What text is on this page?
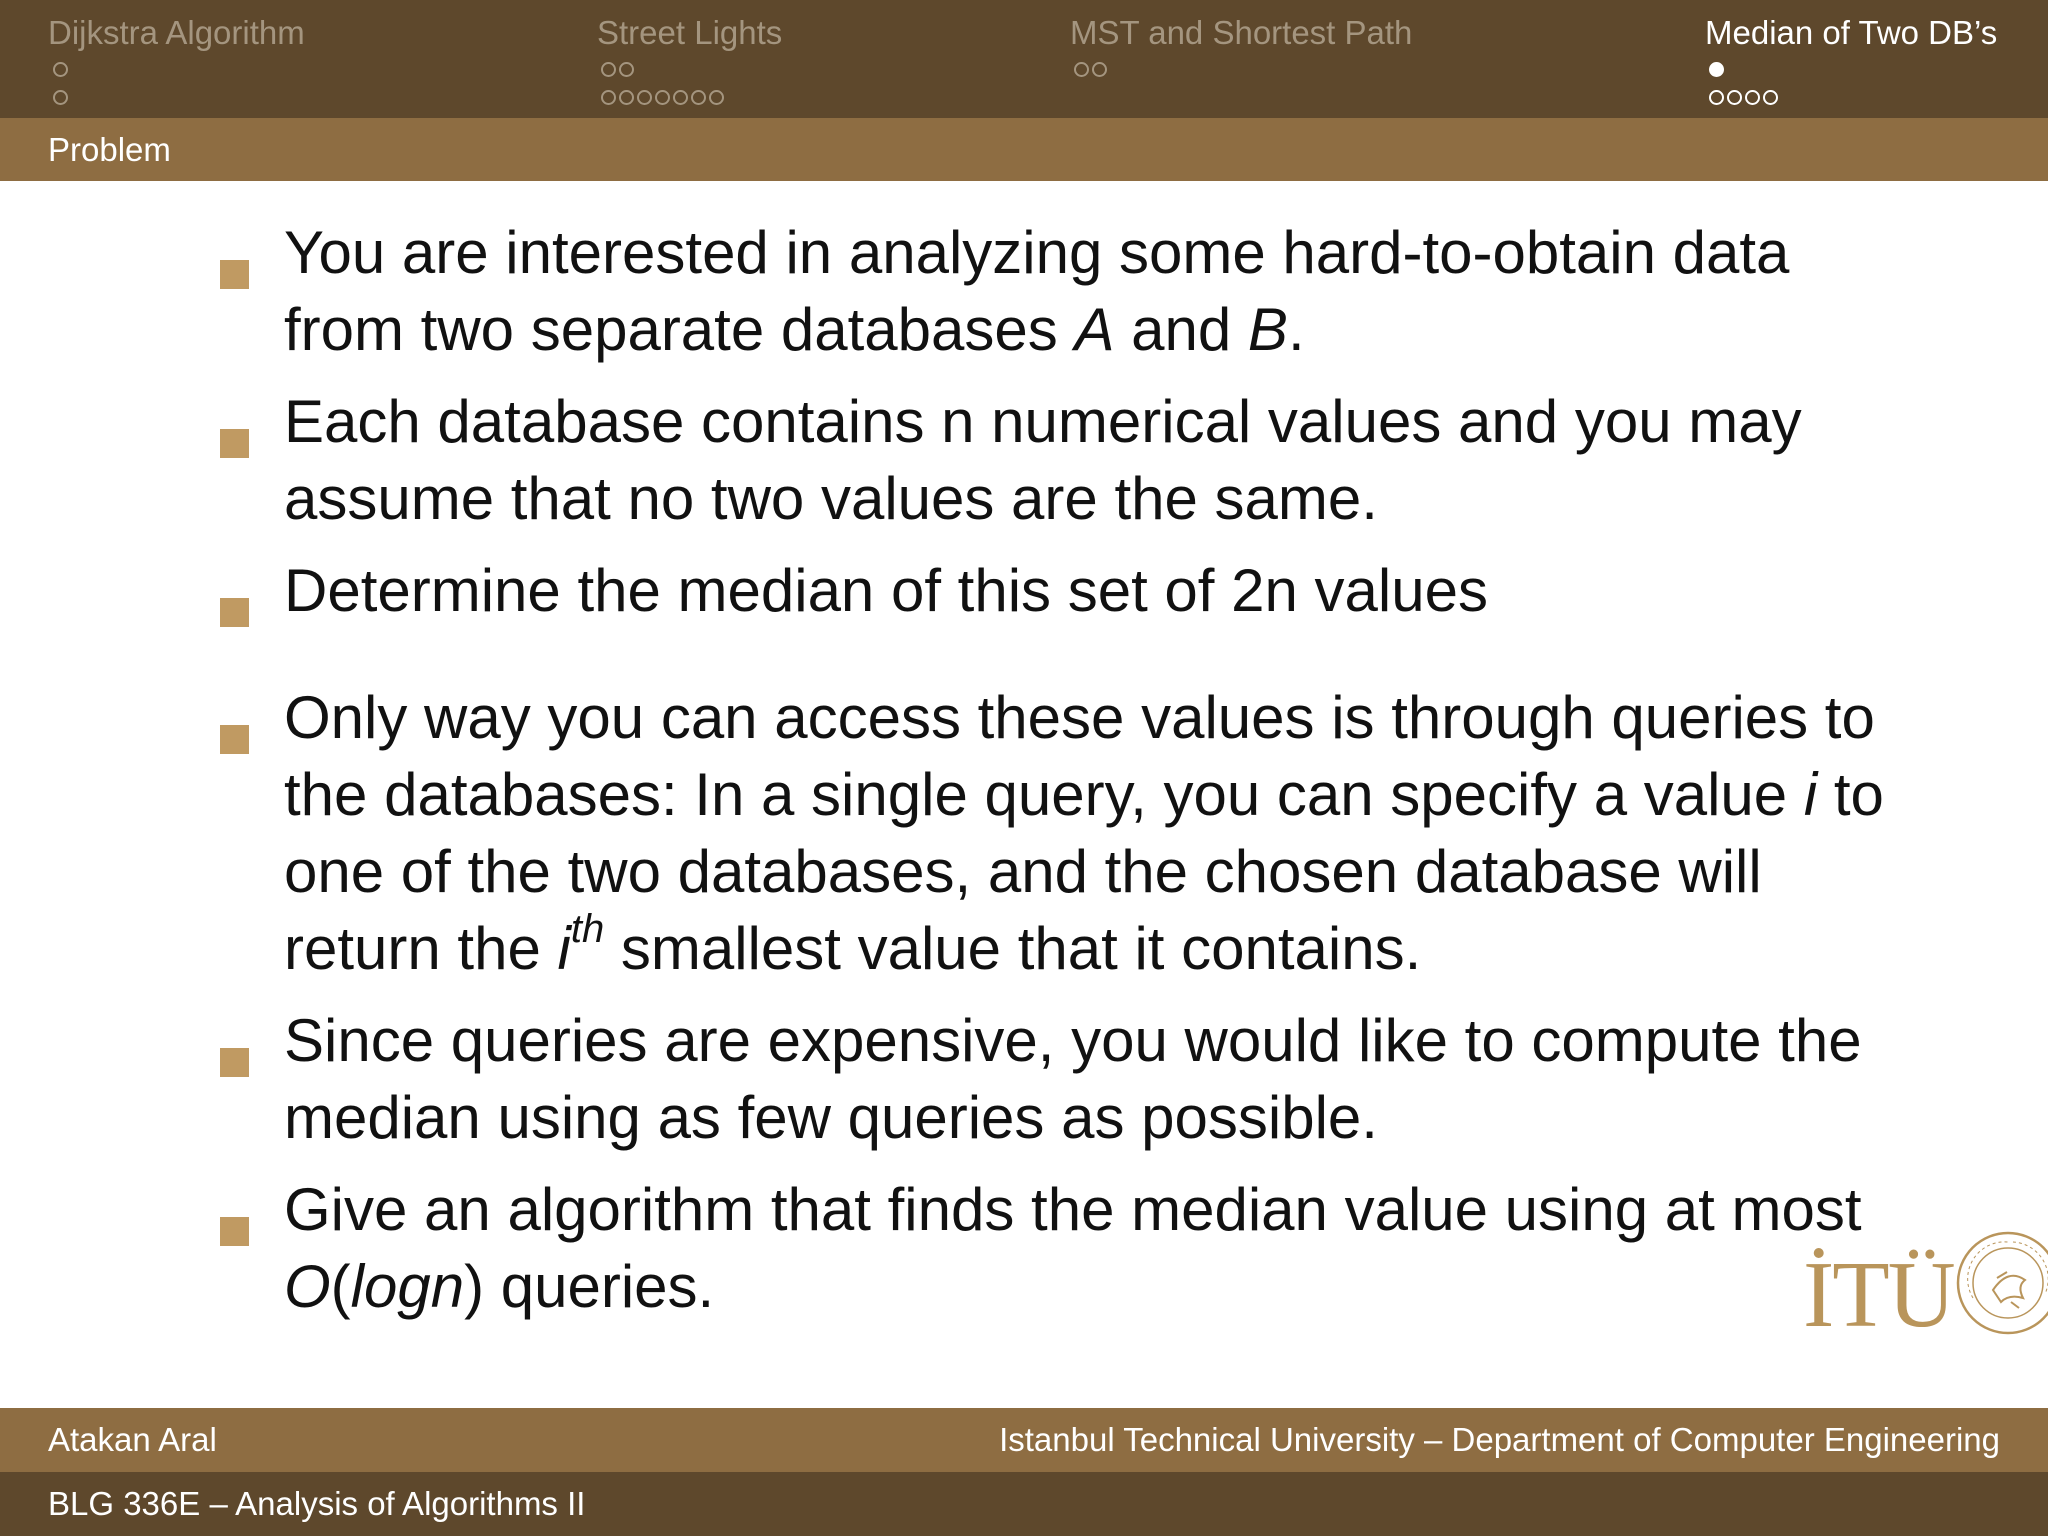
Dijkstra Algorithm	Street Lights	MST and Shortest Path	Median of Two DB’s
Problem
You are interested in analyzing some hard-to-obtain data from two separate databases A and B.
Each database contains n numerical values and you may assume that no two values are the same.
Determine the median of this set of 2n values
Only way you can access these values is through queries to the databases: In a single query, you can specify a value i to one of the two databases, and the chosen database will return the $i^{th}$ smallest value that it contains.
Since queries are expensive, you would like to compute the median using as few queries as possible.
Give an algorithm that finds the median value using at most O(logn) queries.	İTÜ
Atakan Aral	Istanbul Technical University – Department of Computer Engineering
BLG 336E – Analysis of Algorithms II
